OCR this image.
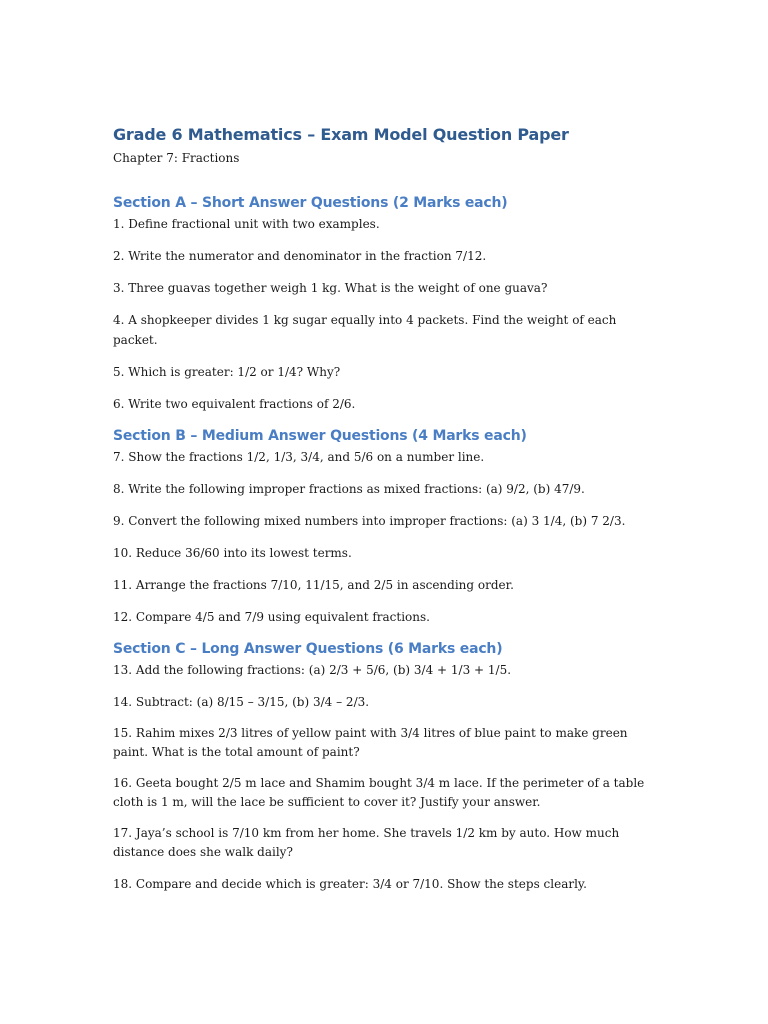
Grade 6 Mathematics – Exam Model Question Paper

Chapter 7: Fractions

Section A – Short Answer Questions (2 Marks each)

1. Define fractional unit with two examples.

2. Write the numerator and denominator in the fraction 7/12.

3. Three guavas together weigh 1 kg. What is the weight of one guava?

4. A shopkeeper divides 1 kg sugar equally into 4 packets. Find the weight of each packet.

5. Which is greater: 1/2 or 1/4? Why?

6. Write two equivalent fractions of 2/6.

Section B – Medium Answer Questions (4 Marks each)

7. Show the fractions 1/2, 1/3, 3/4, and 5/6 on a number line.

8. Write the following improper fractions as mixed fractions: (a) 9/2, (b) 47/9.

9. Convert the following mixed numbers into improper fractions: (a) 3 1/4, (b) 7 2/3.

10. Reduce 36/60 into its lowest terms.

11. Arrange the fractions 7/10, 11/15, and 2/5 in ascending order.

12. Compare 4/5 and 7/9 using equivalent fractions.

Section C – Long Answer Questions (6 Marks each)

13. Add the following fractions: (a) 2/3 + 5/6, (b) 3/4 + 1/3 + 1/5.

14. Subtract: (a) 8/15 – 3/15, (b) 3/4 – 2/3.

15. Rahim mixes 2/3 litres of yellow paint with 3/4 litres of blue paint to make green paint. What is the total amount of paint?

16. Geeta bought 2/5 m lace and Shamim bought 3/4 m lace. If the perimeter of a table cloth is 1 m, will the lace be sufficient to cover it? Justify your answer.

17. Jaya’s school is 7/10 km from her home. She travels 1/2 km by auto. How much distance does she walk daily?

18. Compare and decide which is greater: 3/4 or 7/10. Show the steps clearly.
